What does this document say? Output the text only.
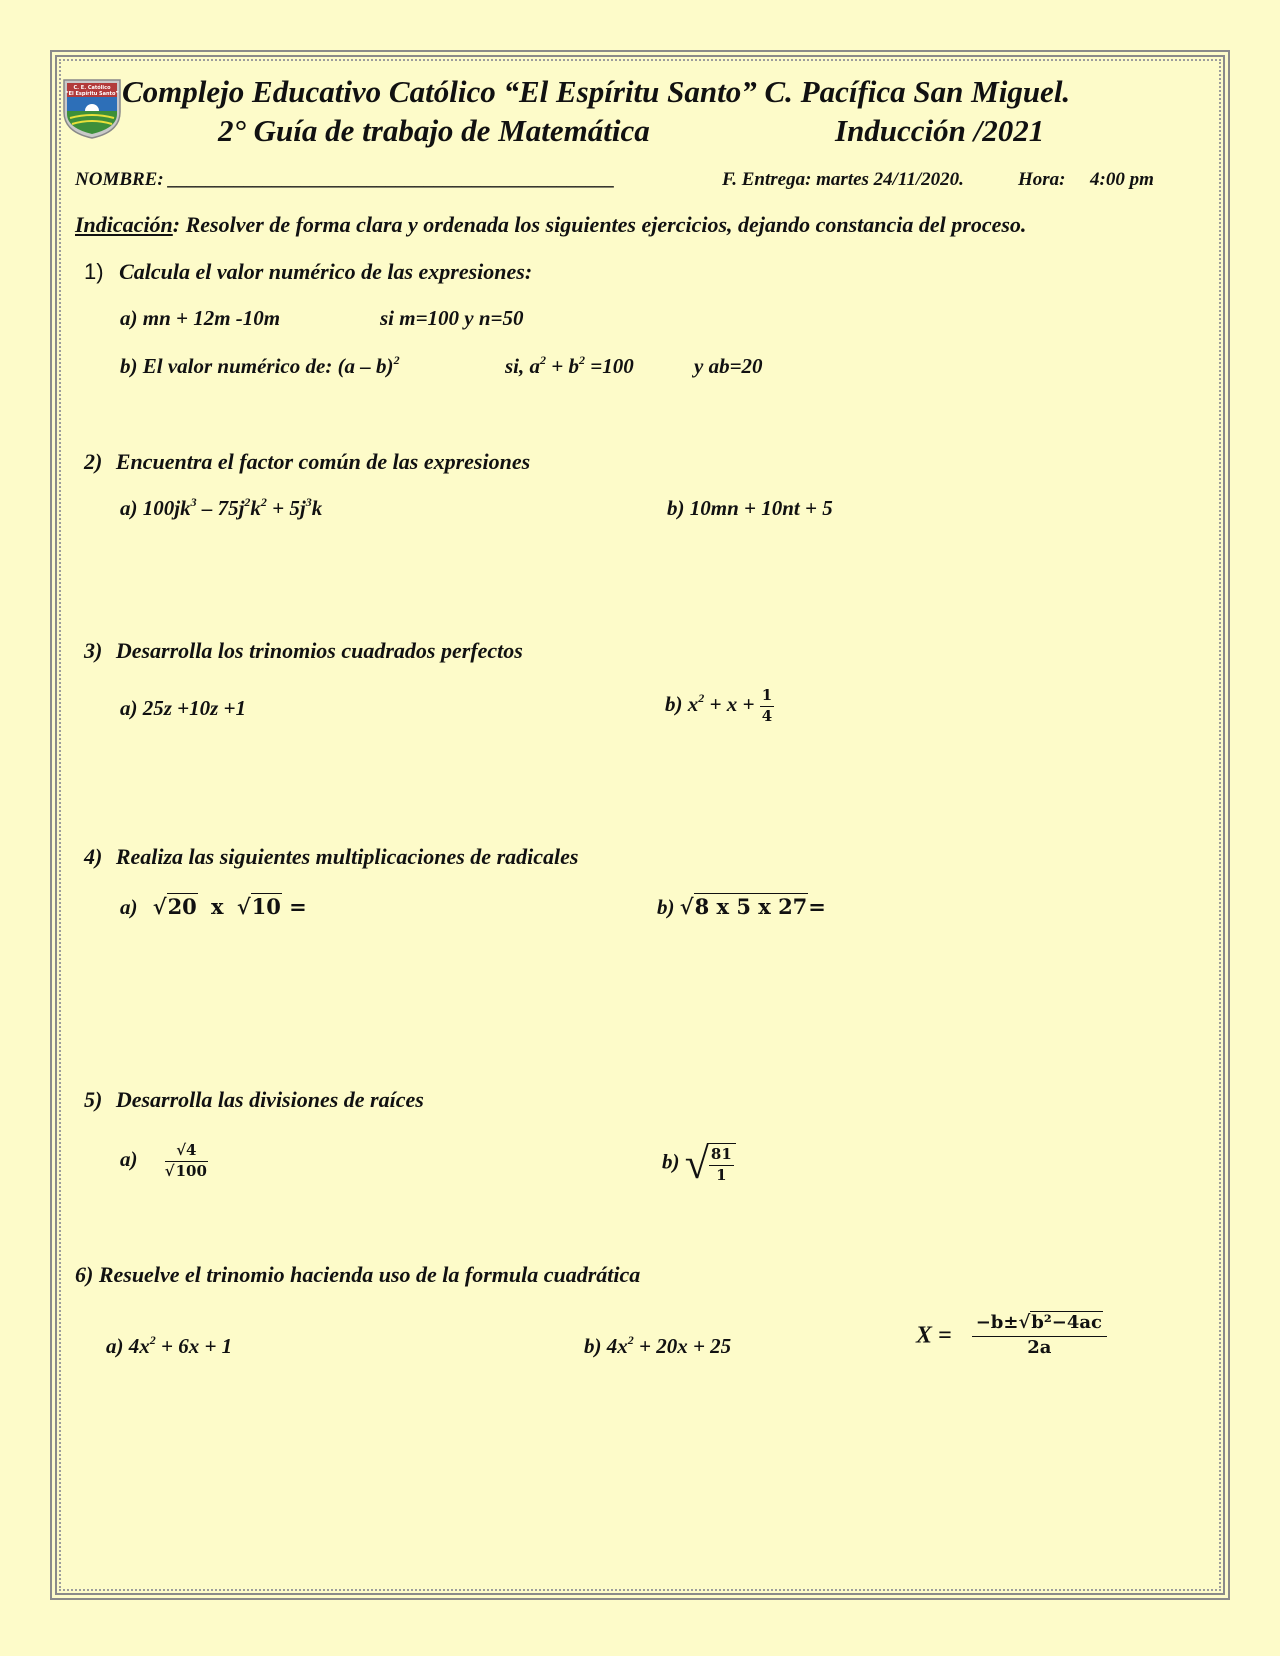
C. E. Católico
“El Espíritu Santo” Complejo Educativo Católico “El Espíritu Santo” C. Pacífica San Miguel.
2° Guía de trabajo de Matemática	Inducción /2021
NOMBRE: _______________________________________________	F. Entrega: martes 24/11/2020.	Hora: 4:00 pm
Indicación: Resolver de forma clara y ordenada los siguientes ejercicios, dejando constancia del proceso.
1) Calcula el valor numérico de las expresiones:
a) mn + 12m -10m	si m=100 y n=50
b) El valor numérico de: (a – b)$^2$	si, $a^2 + b^2 =100$	y ab=20
2) Encuentra el factor común de las expresiones
a) $100jk^3 - 75j^2k^2 + 5j^3k$	b) 10mn + 10nt + 5
3) Desarrolla los trinomios cuadrados perfectos
a) 25z +10z +1	b) $x^2 + x + \frac{1}{4}$
4) Realiza las siguientes multiplicaciones de radicales
a) √20 x √10 =	b) √8 x 5 x 27=
5) Desarrolla las divisiones de raíces
$a) \frac{√4}{√100}$	b) √
$\frac{81}{1}$
6) Resuelve el trinomio hacienda uso de la formula cuadrática
a) $4x^2 + 6x + 1$	b) $4x^2 + 20x + 25$	$X = \frac{\text{−b±√b²−4ac}}{2a}$
